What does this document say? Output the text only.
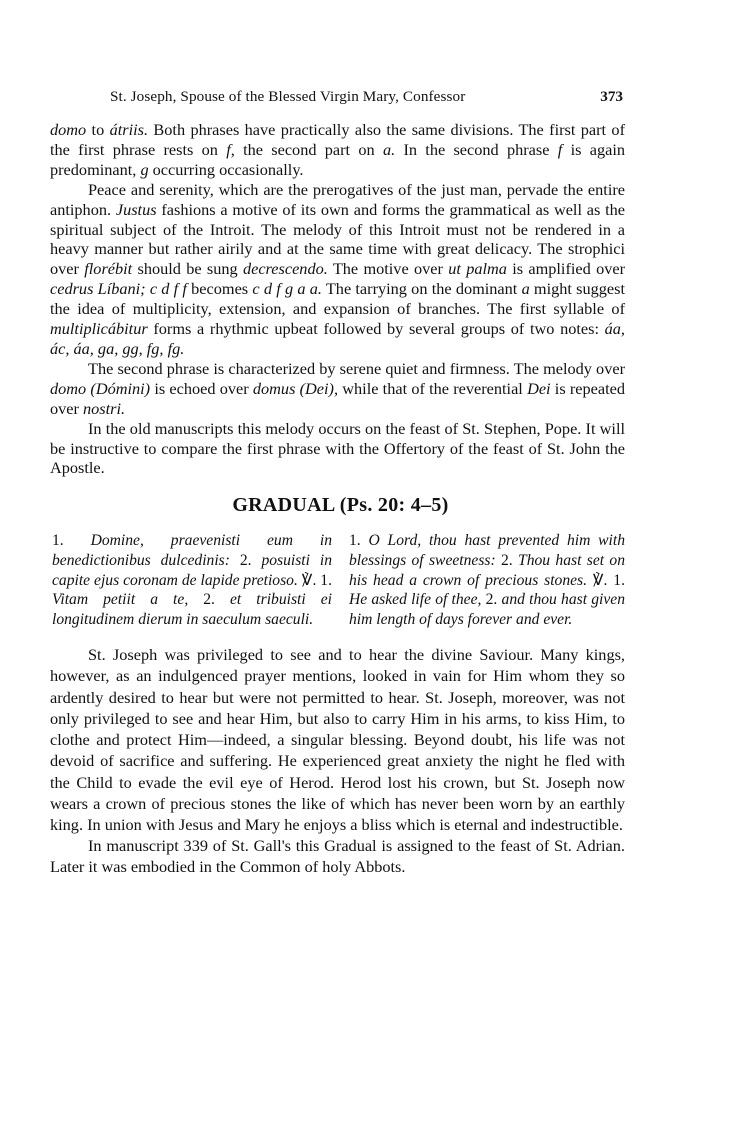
St. Joseph, Spouse of the Blessed Virgin Mary, Confessor	373

domo to átriis. Both phrases have practically also the same divisions. The first part of the first phrase rests on f, the second part on a. In the second phrase f is again predominant, g occurring occasionally.

Peace and serenity, which are the prerogatives of the just man, pervade the entire antiphon. Justus fashions a motive of its own and forms the grammatical as well as the spiritual subject of the Introit. The melody of this Introit must not be rendered in a heavy manner but rather airily and at the same time with great delicacy. The strophici over florébit should be sung decrescendo. The motive over ut palma is amplified over cedrus Líbani; c d f f becomes c d f g a a. The tarrying on the dominant a might suggest the idea of multiplicity, extension, and expansion of branches. The first syllable of multiplicábitur forms a rhythmic upbeat followed by several groups of two notes: áa, ác, áa, ga, gg, fg, fg.

The second phrase is characterized by serene quiet and firmness. The melody over domo (Dómini) is echoed over domus (Dei), while that of the reverential Dei is repeated over nostri.

In the old manuscripts this melody occurs on the feast of St. Stephen, Pope. It will be instructive to compare the first phrase with the Offertory of the feast of St. John the Apostle.

GRADUAL (Ps. 20: 4–5)
1. Domine, praevenisti eum in benedictionibus dulcedinis: 2. posuisti in capite ejus coronam de lapide pretioso. ℣. 1. Vitam petiit a te, 2. et tribuisti ei longitudinem dierum in saeculum saeculi.
1. O Lord, thou hast prevented him with blessings of sweetness: 2. Thou hast set on his head a crown of precious stones. ℣. 1. He asked life of thee, 2. and thou hast given him length of days forever and ever.

St. Joseph was privileged to see and to hear the divine Saviour. Many kings, however, as an indulgenced prayer mentions, looked in vain for Him whom they so ardently desired to hear but were not permitted to hear. St. Joseph, moreover, was not only privileged to see and hear Him, but also to carry Him in his arms, to kiss Him, to clothe and protect Him—indeed, a singular blessing. Beyond doubt, his life was not devoid of sacrifice and suffering. He experienced great anxiety the night he fled with the Child to evade the evil eye of Herod. Herod lost his crown, but St. Joseph now wears a crown of precious stones the like of which has never been worn by an earthly king. In union with Jesus and Mary he enjoys a bliss which is eternal and indestructible.

In manuscript 339 of St. Gall's this Gradual is assigned to the feast of St. Adrian. Later it was embodied in the Common of holy Abbots.
